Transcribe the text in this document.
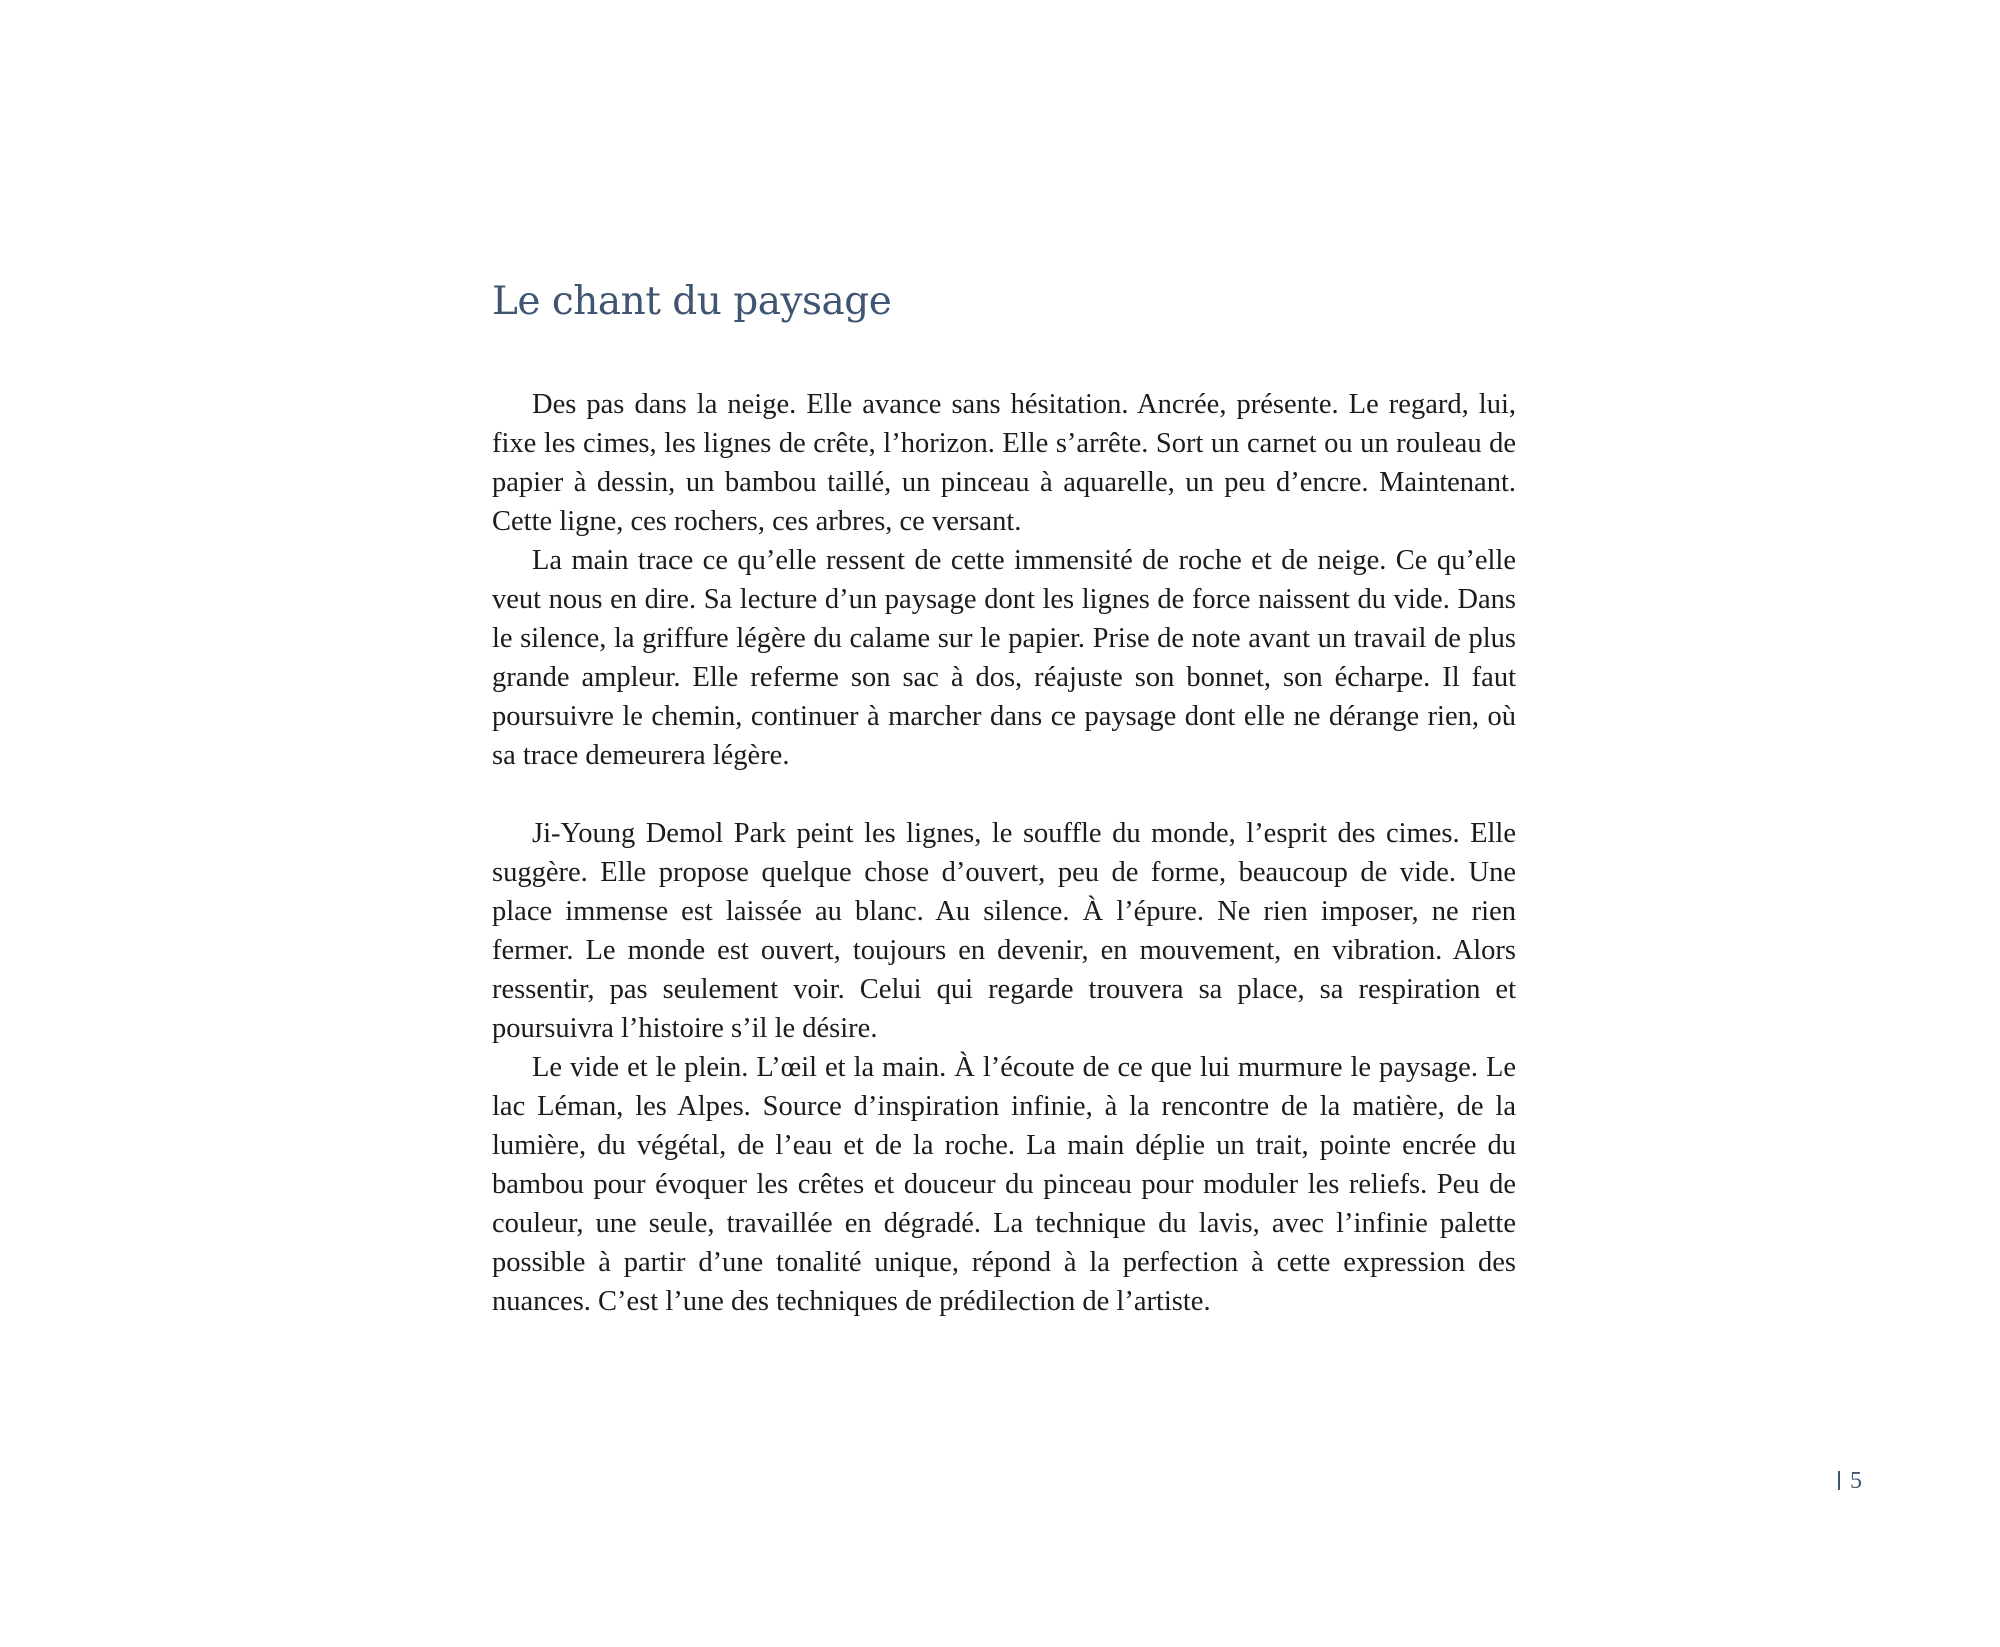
Le chant du paysage

Des pas dans la neige. Elle avance sans hésitation. Ancrée, présente. Le regard, lui, fixe les cimes, les lignes de crête, l’horizon. Elle s’arrête. Sort un carnet ou un rouleau de papier à dessin, un bambou taillé, un pinceau à aquarelle, un peu d’encre. Maintenant. Cette ligne, ces rochers, ces arbres, ce versant.

La main trace ce qu’elle ressent de cette immensité de roche et de neige. Ce qu’elle veut nous en dire. Sa lecture d’un paysage dont les lignes de force naissent du vide. Dans le silence, la griffure légère du calame sur le papier. Prise de note avant un travail de plus grande ampleur. Elle referme son sac à dos, réajuste son bonnet, son écharpe. Il faut poursuivre le chemin, continuer à marcher dans ce paysage dont elle ne dérange rien, où sa trace demeurera légère.

Ji-Young Demol Park peint les lignes, le souffle du monde, l’esprit des cimes. Elle suggère. Elle propose quelque chose d’ouvert, peu de forme, beaucoup de vide. Une place immense est laissée au blanc. Au silence. À l’épure. Ne rien imposer, ne rien fermer. Le monde est ouvert, toujours en devenir, en mouvement, en vibration. Alors ressentir, pas seulement voir. Celui qui regarde trouvera sa place, sa respiration et poursuivra l’histoire s’il le désire.

Le vide et le plein. L’œil et la main. À l’écoute de ce que lui murmure le paysage. Le lac Léman, les Alpes. Source d’inspiration infinie, à la rencontre de la matière, de la lumière, du végétal, de l’eau et de la roche. La main déplie un trait, pointe encrée du bambou pour évoquer les crêtes et douceur du pinceau pour moduler les reliefs. Peu de couleur, une seule, travaillée en dégradé. La technique du lavis, avec l’infinie palette possible à partir d’une tonalité unique, répond à la perfection à cette expression des nuances. C’est l’une des techniques de prédilection de l’artiste.

5
